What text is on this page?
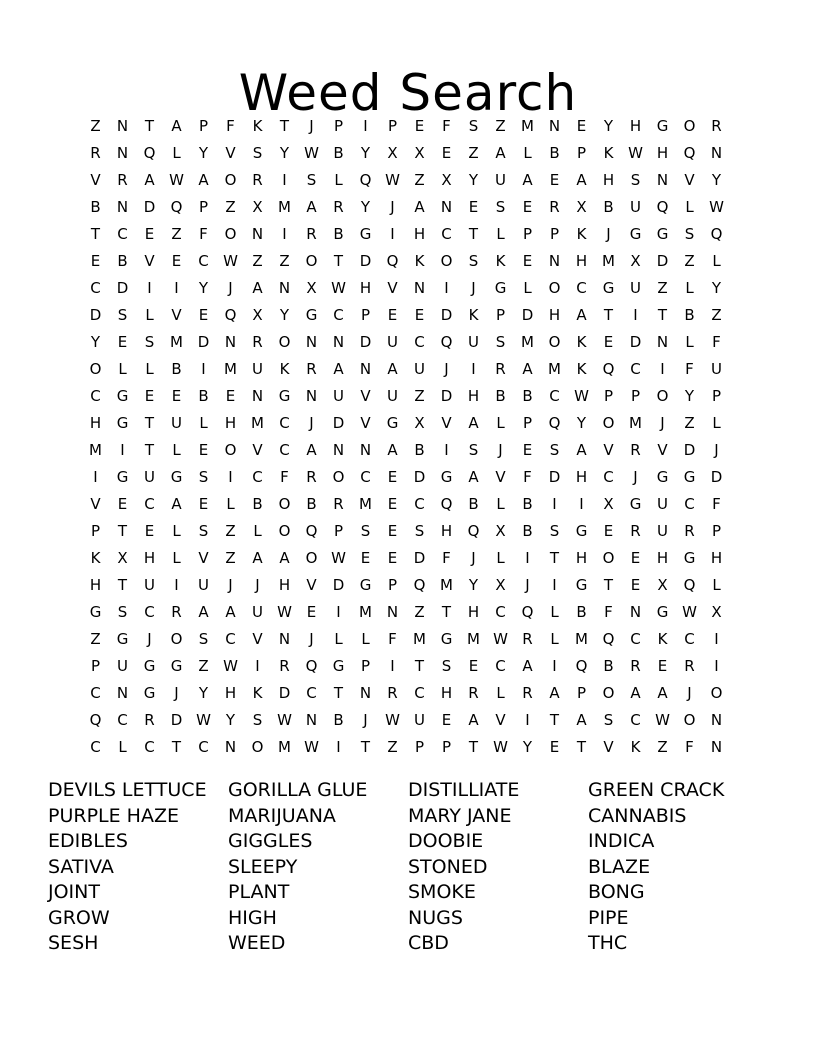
Weed Search
Z	N	T	A	P	F	K	T	J	P	I	P	E	F	S	Z	M N	E	Y	H	G	O	R
R	N	Q	L	Y	V	S	Y	W B	Y	X	X	E	Z	A	L	B	P	K W H	Q	N
V	R	A W A	O	R	I	S	L	Q W Z	X	Y	U	A	E	A	H	S	N	V	Y
B	N	D	Q	P	Z	X	M	A	R	Y	J	A	N	E	S	E	R	X	B	U	Q	L	W
T	C	E	Z	F	O	N	I	R	B	G	I	H	C	T	L	P	P	K	J	G	G	S	Q
E	B	V	E	C W Z	Z	O	T	D	Q	K	O	S	K	E	N	H M	X	D	Z	L
C	D	I	I	Y	J	A	N	X W H	V	N	I	J	G	L	O	C	G	U	Z	L	Y
D	S	L	V	E	Q	X	Y	G	C	P	E	E	D	K	P	D	H	A	T	I	T	B	Z
Y	E	S	M D	N	R	O	N	N	D	U	C	Q	U	S	M O	K	E	D	N	L	F
O	L	L	B	I	M	U	K	R	A	N	A	U	J	I	R	A	M	K	Q	C	I	F	U
C	G	E	E	B	E	N	G	N	U	V	U	Z	D	H	B	B	C W	P	P	O	Y	P
H	G	T	U	L	H M	C	J	D	V	G	X	V	A	L	P	Q	Y	O M	J	Z	L
M	I	T	L	E	O	V	C	A	N	N	A	B	I	S	J	E	S	A	V	R	V	D	J
I	G	U	G	S	I	C	F	R	O	C	E	D	G	A	V	F	D	H	C	J	G	G	D
V	E	C	A	E	L	B	O	B	R	M	E	C	Q	B	L	B	I	I	X	G	U	C	F
P	T	E	L	S	Z	L	O	Q	P	S	E	S	H	Q	X	B	S	G	E	R	U	R	P
K	X	H	L	V	Z	A	A	O W E	E	D	F	J	L	I	T	H	O	E	H	G	H
H	T	U	I	U	J	J	H	V	D	G	P	Q M	Y	X	J	I	G	T	E	X	Q	L
G	S	C	R	A	A	U W E	I	M N	Z	T	H	C	Q	L	B	F	N	G W X
Z	G	J	O	S	C	V	N	J	L	L	F	M G M W R	L	M Q	C	K	C	I
P	U	G	G	Z W	I	R	Q	G	P	I	T	S	E	C	A	I	Q	B	R	E	R	I
C	N	G	J	Y	H	K	D	C	T	N	R	C	H	R	L	R	A	P	O	A	A	J	O
Q	C	R	D W Y	S W N	B	J	W U	E	A	V	I	T	A	S	C W O	N
C	L	C	T	C	N	O M W	I	T	Z	P	P	T	W Y	E	T	V	K	Z	F	N
DEVILS LETTUCE	GORILLA GLUE	DISTILLIATE	GREEN CRACK
PURPLE HAZE	MARIJUANA	MARY JANE	CANNABIS
EDIBLES	GIGGLES	DOOBIE	INDICA
SATIVA	SLEEPY	STONED	BLAZE
JOINT	PLANT	SMOKE	BONG
GROW	HIGH	NUGS	PIPE
SESH	WEED	CBD	THC
